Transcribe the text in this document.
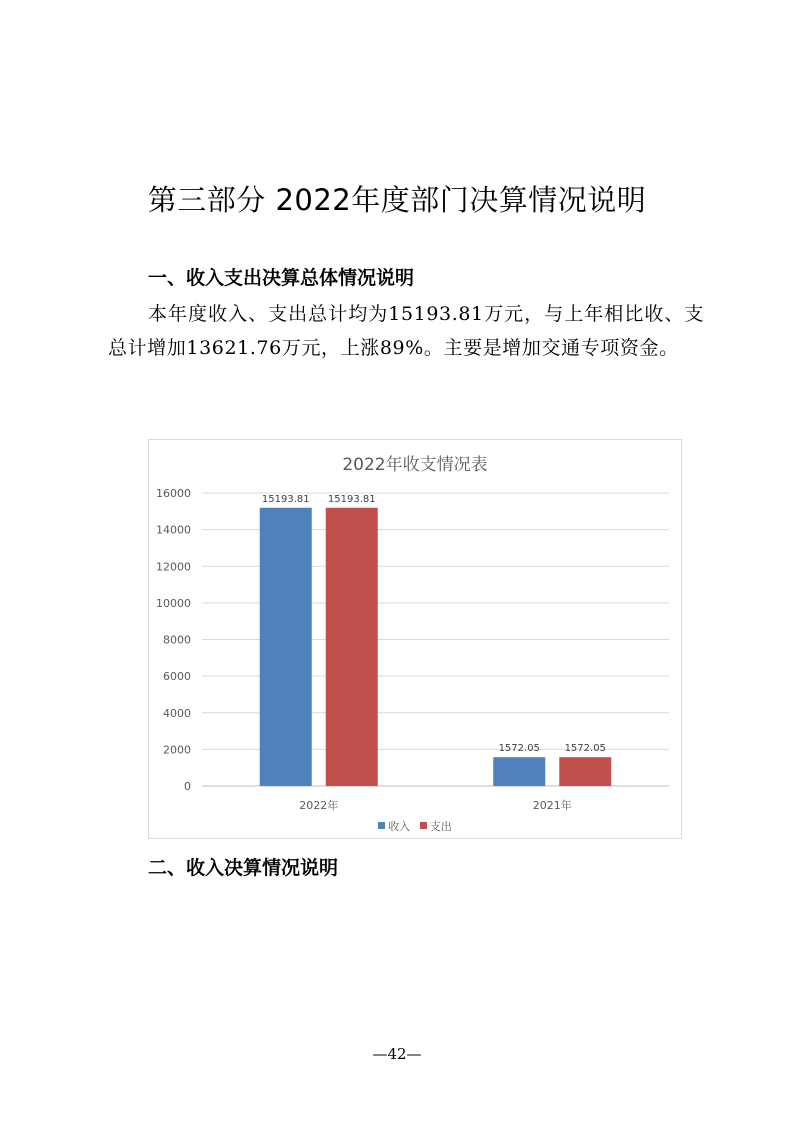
第三部分 2022年度部门决算情况说明
一、收入支出决算总体情况说明
本年度收入、支出总计均为15193.81万元，与上年相比收、支总计增加13621.76万元，上涨89%。主要是增加交通专项资金。
2022年收支情况表
0
2000
4000
6000
8000
10000
12000
14000
16000	15193.81 15193.81
2022年
1572.05 1572.05
2021年
收入 支出
二、收入决算情况说明
—42—
